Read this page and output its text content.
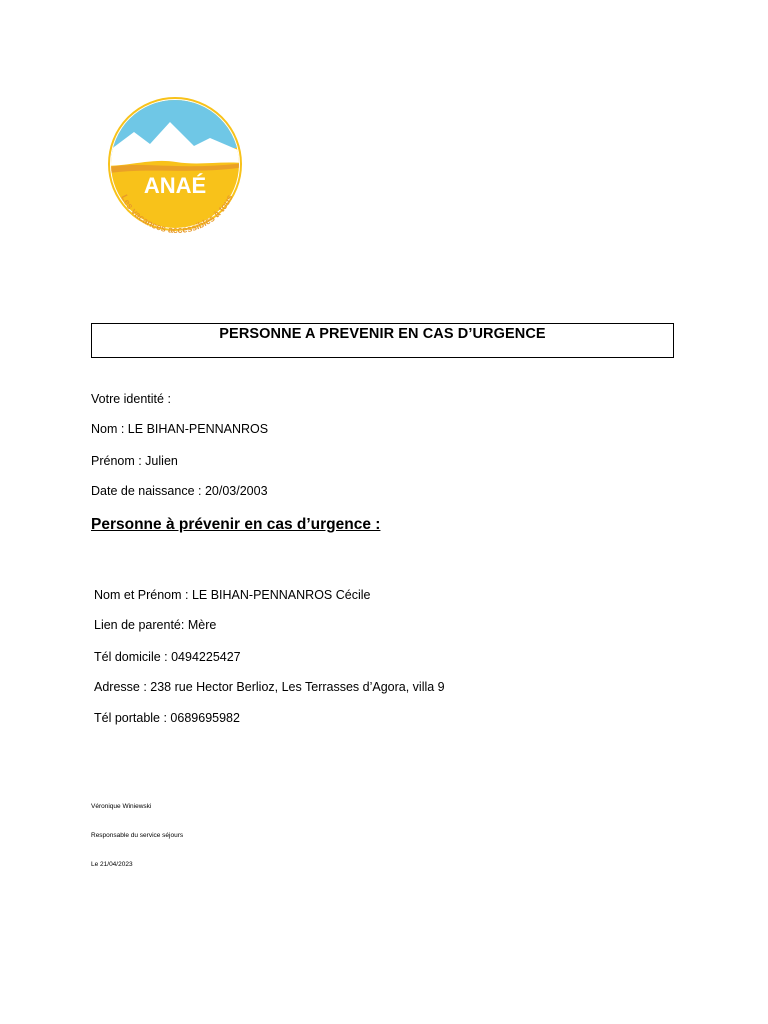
ANAÉ
Les vacances accessibles à tous
PERSONNE A PREVENIR EN CAS D’URGENCE
Votre identité :
Nom : LE BIHAN-PENNANROS
Prénom : Julien
Date de naissance : 20/03/2003
Personne à prévenir en cas d’urgence :
Nom et Prénom : LE BIHAN-PENNANROS Cécile
Lien de parenté: Mère
Tél domicile : 0494225427
Adresse : 238 rue Hector Berlioz, Les Terrasses d’Agora, villa 9
Tél portable : 0689695982
Véronique Winiewski
Responsable du service séjours
Le 21/04/2023
